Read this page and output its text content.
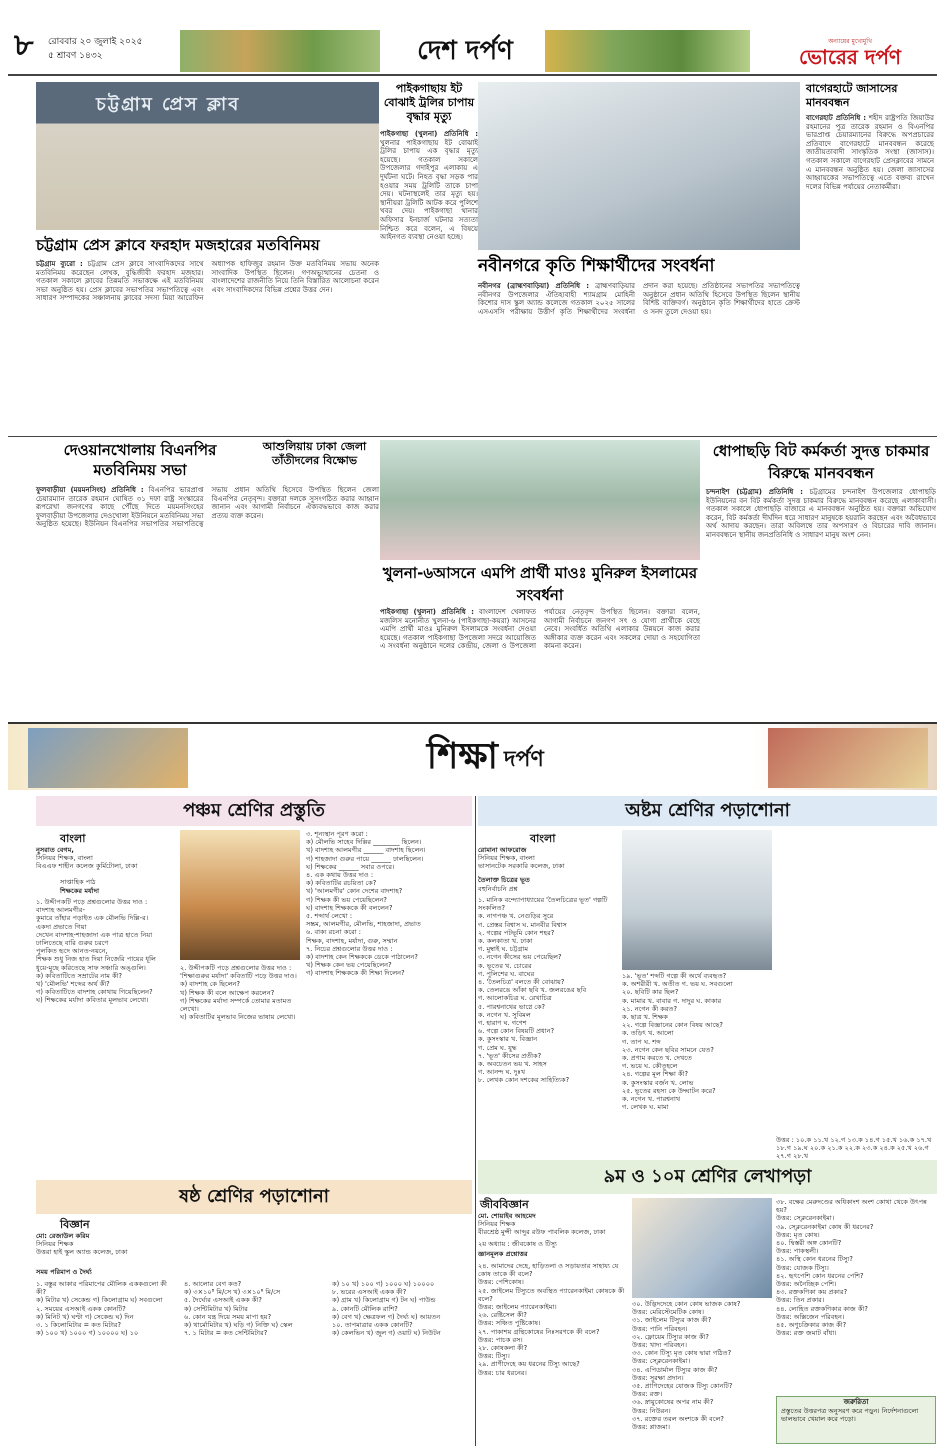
৮	রোববার ২০ জুলাই ২০২৫
৫ শ্রাবণ ১৪৩২	দেশ দর্পণ	অন্যায়ের মুখোমুখি
ভোরের দর্পণ
চট্টগ্রাম প্রেস ক্লাব
চট্টগ্রাম প্রেস ক্লাবে ফরহাদ মজহারের মতবিনিময়
চট্টগ্রাম ব্যুরো : চট্টগ্রাম প্রেস ক্লাবে সাংবাদিকদের সাথে মতবিনিময় করেছেন লেখক, বুদ্ধিজীবী ফরহাদ মজহার। গতকাল সকালে ক্লাবের তিন্নমতি সভাকক্ষে এই মতবিনিময় সভা অনুষ্ঠিত হয়। প্রেস ক্লাবের সভাপতির সভাপতিত্বে এবং সাধারণ সম্পাদকের সঞ্চালনায় ক্লাবের সদস্য মিয়া আরেফিন অধ্যাপক হাফিজুর রহমান উক্ত মতবিনিময় সভায় অনেক সাংবাদিক উপস্থিত ছিলেন। গণঅভ্যুত্থানের চেতনা ও বাংলাদেশের রাজনীতি নিয়ে তিনি বিস্তারিত আলোচনা করেন এবং সাংবাদিকদের বিভিন্ন প্রশ্নের উত্তর দেন।
পাইকগাছায় ইট বোঝাই ট্রলির চাপায় বৃদ্ধার মৃত্যু
পাইকগাছা (খুলনা) প্রতিনিধি : খুলনার পাইকগাছায় ইট বোঝাই ট্রলির চাপায় এক বৃদ্ধার মৃত্যু হয়েছে। গতকাল সকালে উপজেলার গদাইপুর এলাকায় এ দুর্ঘটনা ঘটে। নিহত বৃদ্ধা সড়ক পার হওয়ার সময় ট্রলিটি তাকে চাপা দেয়। ঘটনাস্থলেই তার মৃত্যু হয়। স্থানীয়রা ট্রলিটি আটক করে পুলিশে খবর দেয়। পাইকগাছা থানার অফিসার ইনচার্জ ঘটনার সত্যতা নিশ্চিত করে বলেন, এ বিষয়ে আইনগত ব্যবস্থা নেওয়া হচ্ছে।
নবীনগরে কৃতি শিক্ষার্থীদের সংবর্ধনা
নবীনগর (ব্রাহ্মণবাড়িয়া) প্রতিনিধি : ব্রাহ্মণবাড়িয়ার নবীনগর উপজেলার ঐতিহ্যবাহী শ্যামগ্রাম মোহিনী কিশোর দাস স্কুল অ্যান্ড কলেজে গতকাল ২০২৫ সালের এসএসসি পরীক্ষায় উত্তীর্ণ কৃতি শিক্ষার্থীদের সংবর্ধনা প্রদান করা হয়েছে। প্রতিষ্ঠানের সভাপতির সভাপতিত্বে অনুষ্ঠানে প্রধান অতিথি হিসেবে উপস্থিত ছিলেন স্থানীয় বিশিষ্ট ব্যক্তিবর্গ। অনুষ্ঠানে কৃতি শিক্ষার্থীদের হাতে ক্রেস্ট ও সনদ তুলে দেওয়া হয়।
বাগেরহাটে জাসাসের মানববন্ধন
বাগেরহাট প্রতিনিধি : শহীদ রাষ্ট্রপতি জিয়াউর রহমানের পুত্র তারেক রহমান ও বিএনপির ভারপ্রাপ্ত চেয়ারম্যানের বিরুদ্ধে অপপ্রচারের প্রতিবাদে বাগেরহাটে মানববন্ধন করেছে জাতীয়তাবাদী সাংস্কৃতিক সংস্থা (জাসাস)। গতকাল সকালে বাগেরহাট প্রেসক্লাবের সামনে এ মানববন্ধন অনুষ্ঠিত হয়। জেলা জাসাসের আহ্বায়কের সভাপতিত্বে এতে বক্তব্য রাখেন দলের বিভিন্ন পর্যায়ের নেতাকর্মীরা।
দেওয়ানখোলায় বিএনপির মতবিনিময় সভা
ফুলবাড়ীয়া (ময়মনসিংহ) প্রতিনিধি : বিএনপির ভারপ্রাপ্ত চেয়ারম্যান তারেক রহমান ঘোষিত ৩১ দফা রাষ্ট্র সংস্কারের রূপরেখা জনগণের কাছে পৌঁছে দিতে ময়মনসিংহের ফুলবাড়ীয়া উপজেলার দেওখোলা ইউনিয়নে মতবিনিময় সভা অনুষ্ঠিত হয়েছে। ইউনিয়ন বিএনপির সভাপতির সভাপতিত্বে সভায় প্রধান অতিথি হিসেবে উপস্থিত ছিলেন জেলা বিএনপির নেতৃবৃন্দ। বক্তারা দলকে সুসংগঠিত করার আহ্বান জানান এবং আগামী নির্বাচনে ঐক্যবদ্ধভাবে কাজ করার প্রত্যয় ব্যক্ত করেন।
আশুলিয়ায় ঢাকা জেলা তাঁতীদলের বিক্ষোভ
খুলনা-৬আসনে এমপি প্রার্থী মাওঃ মুনিরুল ইসলামের সংবর্ধনা
পাইকগাছা (খুলনা) প্রতিনিধি : বাংলাদেশ খেলাফত মজলিস মনোনীত খুলনা-৬ (পাইকগাছা-কয়রা) আসনের এমপি প্রার্থী মাওঃ মুনিরুল ইসলামকে সংবর্ধনা দেওয়া হয়েছে। গতকাল পাইকগাছা উপজেলা সদরে আয়োজিত এ সংবর্ধনা অনুষ্ঠানে দলের কেন্দ্রীয়, জেলা ও উপজেলা পর্যায়ের নেতৃবৃন্দ উপস্থিত ছিলেন। বক্তারা বলেন, আগামী নির্বাচনে জনগণ সৎ ও যোগ্য প্রার্থীকে বেছে নেবে। সংবর্ধিত অতিথি এলাকার উন্নয়নে কাজ করার অঙ্গীকার ব্যক্ত করেন এবং সকলের দোয়া ও সহযোগিতা কামনা করেন।
ধোপাছড়ি বিট কর্মকর্তা সুদত্ত চাকমার বিরুদ্ধে মানববন্ধন
চন্দনাইশ (চট্টগ্রাম) প্রতিনিধি : চট্টগ্রামের চন্দনাইশ উপজেলার ধোপাছড়ি ইউনিয়নের বন বিট কর্মকর্তা সুদত্ত চাকমার বিরুদ্ধে মানববন্ধন করেছে এলাকাবাসী। গতকাল সকালে ধোপাছড়ি বাজারে এ মানববন্ধন অনুষ্ঠিত হয়। বক্তারা অভিযোগ করেন, বিট কর্মকর্তা দীর্ঘদিন ধরে সাধারণ মানুষকে হয়রানি করছেন এবং অবৈধভাবে অর্থ আদায় করছেন। তারা অবিলম্বে তার অপসারণ ও বিচারের দাবি জানান। মানববন্ধনে স্থানীয় জনপ্রতিনিধি ও সাধারণ মানুষ অংশ নেন।
শিক্ষা দর্পণ
পঞ্চম শ্রেণির প্রস্তুতি
বাংলা
নুসরাত বেগম,
সিনিয়র শিক্ষক, বাংলা
বিএএফ শাহীন কলেজ কুর্মিটোলা, ঢাকা
সাপ্তাহিক পাঠ
শিক্ষকের মর্যাদা
১. উদ্দীপকটি পড়ে প্রশ্নগুলোর উত্তর দাও :
বাদশাহ আলমগীর-
কুমারে তাঁহার পড়াইত এক মৌলভি দিল্লি-র।
একদা প্রভাতে গিয়া
দেখেন বাদশাহ-শাহজাদা এক পাত্র হাতে নিয়া
ঢালিতেছে বারি গুরুর চরণে
পুলকিত হৃদে আনত-নয়নে,
শিক্ষক শুধু নিজ হাত দিয়া নিজেরি পায়ের ধূলি
ধুয়ে-মুছে করিতেছে সাফ সঞ্চারি অঙ্গুলি।
ক) কবিতাটিতে সম্রাটের নাম কী?
খ) 'মৌলভি' শব্দের অর্থ কী?
গ) কবিতাটিতে বাদশাহ কোথায় গিয়েছিলেন?
ঘ) শিক্ষকের মর্যাদা কবিতার মূলভাব লেখো।
২. উদ্দীপকটি পড়ে প্রশ্নগুলোর উত্তর দাও :
'শিক্ষাগুরুর মর্যাদা' কবিতাটি পড়ে উত্তর দাও।
ক) বাদশাহ কে ছিলেন?
খ) শিক্ষক কী বলে আক্ষেপ করলেন?
গ) শিক্ষকের মর্যাদা সম্পর্কে তোমার মতামত লেখো।
ঘ) কবিতাটির মূলভাব নিজের ভাষায় লেখো।
৩. শূন্যস্থান পূরণ করো :
ক) মৌলভি সাহেব দিল্লির ________ ছিলেন।
খ) বাদশাহ আলমগীর ______ বাদশাহ ছিলেন।
গ) শাহজাদা গুরুর পায়ে ______ ঢালছিলেন।
ঘ) শিক্ষকের ______ সবার ওপরে।
৪. এক কথায় উত্তর দাও :
ক) কবিতাটির রচয়িতা কে?
খ) 'আলমগীর' কোন দেশের বাদশাহ?
গ) শিক্ষক কী ভয় পেয়েছিলেন?
ঘ) বাদশাহ শিক্ষককে কী বললেন?
৫. শব্দার্থ লেখো :
সম্ভ্রম, আলমগীর, মৌলভি, শাহজাদা, প্রভাত
৬. বাক্য রচনা করো :
শিক্ষক, বাদশাহ, মর্যাদা, গুরু, সম্মান
৭. নিচের প্রশ্নগুলোর উত্তর দাও :
ক) বাদশাহ কেন শিক্ষককে ডেকে পাঠালেন?
খ) শিক্ষক কেন ভয় পেয়েছিলেন?
গ) বাদশাহ শিক্ষককে কী শিক্ষা দিলেন?
ষষ্ঠ শ্রেণির পড়াশোনা
বিজ্ঞান
মো: রেজাউল করিম
সিনিয়র শিক্ষক
উত্তরা হাই স্কুল অ্যান্ড কলেজ, ঢাকা
সময় পরিমাপ ও দৈর্ঘ্য
১. বস্তুর আকার পরিমাপের মৌলিক এককগুলো কী কী?
ক) মিটার খ) সেকেন্ড গ) কিলোগ্রাম ঘ) সবগুলো
২. সময়ের এসআই একক কোনটি?
ক) মিনিট খ) ঘণ্টা গ) সেকেন্ড ঘ) দিন
৩. ১ কিলোমিটার = কত মিটার?
ক) ১০০ খ) ১০০০ গ) ১০০০০ ঘ) ১০
৪. আলোর বেগ কত?
ক) ৩×১০⁸ মি/সে খ) ৩×১০⁶ মি/সে
৫. দৈর্ঘ্যের এসআই একক কী?
ক) সেন্টিমিটার খ) মিটার
৬. কোন যন্ত্র দিয়ে সময় মাপা হয়?
ক) থার্মোমিটার খ) ঘড়ি গ) নিক্তি ঘ) স্কেল
৭. ১ মিটার = কত সেন্টিমিটার?
ক) ১০ খ) ১০০ গ) ১০০০ ঘ) ১০০০০
৮. ভরের এসআই একক কী?
ক) গ্রাম খ) কিলোগ্রাম গ) টন ঘ) পাউন্ড
৯. কোনটি মৌলিক রাশি?
ক) বেগ খ) ক্ষেত্রফল গ) দৈর্ঘ্য ঘ) আয়তন
১০. তাপমাত্রার একক কোনটি?
ক) কেলভিন খ) জুল গ) ওয়াট ঘ) নিউটন
অষ্টম শ্রেণির পড়াশোনা
বাংলা
রোমানা আফরোজ
সিনিয়র শিক্ষক, বাংলা
ভাসানটেক সরকারি কলেজ, ঢাকা
তৈলাক্ত চিত্রের ভূত
বহুনির্বাচনি প্রশ্ন
১. মানিক বন্দ্যোপাধ্যায়ের 'তৈলচিত্রের ভূত' গল্পটি সংকলিত?
ক. নাগপঞ্চ খ. নেগুড়ির সুরে
গ. প্রেস্তর বিশ্বাস ঘ. মানবীর বিশ্বাস
২. গল্পের পটভূমি কোন শহর?
ক. কলকাতা খ. ঢাকা
গ. মুম্বাই ঘ. চট্টগ্রাম
৩. নগেন কীসের ভয় পেয়েছিল?
ক. ভূতের খ. চোরের
গ. পুলিশের ঘ. বাঘের
৪. 'তৈলচিত্র' বলতে কী বোঝায়?
ক. তেলরঙে আঁকা ছবি খ. জলরঙের ছবি
গ. আলোকচিত্র ঘ. রেখাচিত্র
৫. পারশ্বনাথের ভাগ্নে কে?
ক. নগেন খ. সুবিমল
গ. হারাণ ঘ. গণেশ
৬. গল্পে কোন বিষয়টি প্রধান?
ক. কুসংস্কার খ. বিজ্ঞান
গ. প্রেম ঘ. যুদ্ধ
৭. 'ভূত' কীসের প্রতীক?
ক. অবচেতন ভয় খ. সাহস
গ. আনন্দ ঘ. দুঃখ
৮. লেখক কোন দশকের সাহিত্যিক?
১৯. 'ভূত' শব্দটি গল্পে কী অর্থে ব্যবহৃত?
ক. অশরীরী খ. অতীত গ. ভয় ঘ. সবগুলো
২০. ছবিটি কার ছিল?
ক. মামার খ. বাবার গ. দাদুর ঘ. কাকার
২১. নগেন কী করত?
ক. ছাত্র খ. শিক্ষক
২২. গল্পে বিজ্ঞানের কোন বিষয় আছে?
ক. তড়িৎ খ. আলো
গ. তাপ ঘ. শব্দ
২৩. নগেন কেন ছবির সামনে যেত?
ক. প্রণাম করতে খ. দেখতে
গ. ভয়ে ঘ. কৌতূহলে
২৪. গল্পের মূল শিক্ষা কী?
ক. কুসংস্কার বর্জন খ. লোভ
২৫. ভূতের রহস্য কে উদ্ঘাটন করে?
ক. নগেন খ. পারশ্বনাথ
গ. লেখক ঘ. মামা
উত্তর : ১০.ক ১১.খ ১২.গ ১৩.ক ১৪.গ ১৫.খ ১৬.ক ১৭.খ ১৮.গ ১৯.ঘ ২০.ক ২১.ক ২২.ক ২৩.ক ২৪.ক ২৫.খ ২৬.গ ২৭.গ ২৮.খ
৯ম ও ১০ম শ্রেণির লেখাপড়া
জীববিজ্ঞান
মো. শোয়াইব আহমেদ
সিনিয়র শিক্ষক
বীরশ্রেষ্ঠ মুন্সী আব্দুর রউফ পাবলিক কলেজ, ঢাকা
২য় অধ্যায় : জীবকোষ ও টিস্যু
জ্ঞানমূলক প্রশ্নোত্তর
২৪. আমাদের দেহে, হাড়িতলা ও সড়ায়তার সাহায্য যে কোষ তাকে কী বলে?
উত্তর: পেশিকোষ।
২৫. জাইলেম টিস্যুতে অবস্থিত প্যারেনকাইমা কোষকে কী বলে?
উত্তর: জাইলেম প্যারেনকাইমা।
২৬. রেষ্টিসেল কী?
উত্তর: সঞ্চিত পুষ্টিকোষ।
২৭. পাকাশয় গ্রন্থিকোষের নিঃসরণকে কী বলে?
উত্তর: পাচক রস।
২৮. কোষকলা কী?
উত্তর: টিস্যু।
২৯. প্রাণীদেহে কয় ধরনের টিস্যু আছে?
উত্তর: চার ধরনের।
৩০. উদ্ভিদদেহে কোন কোষ ভাজক কোষ?
উত্তর: মেরিস্টেমেটিক কোষ।
৩১. জাইলেম টিস্যুর কাজ কী?
উত্তর: পানি পরিবহন।
৩২. ফ্লোয়েম টিস্যুর কাজ কী?
উত্তর: খাদ্য পরিবহন।
৩৩. কোন টিস্যু মৃত কোষ দ্বারা গঠিত?
উত্তর: স্ক্লেরেনকাইমা।
৩৪. এপিডার্মাল টিস্যুর কাজ কী?
উত্তর: সুরক্ষা প্রদান।
৩৫. প্রাণিদেহের যোজক টিস্যু কোনটি?
উত্তর: রক্ত।
৩৬. স্নায়ুকোষের অপর নাম কী?
উত্তর: নিউরন।
৩৭. রক্তের তরল অংশকে কী বলে?
উত্তর: প্লাজমা।
৩৮. বক্ষের মেরুদণ্ডের অধিকাংশ অংশ কোথা থেকে উৎপন্ন হয়?
উত্তর: স্ক্লেরেনকাইমা।
৩৯. স্ক্লেরেনকাইমা কোষ কী ধরনের?
উত্তর: মৃত কোষ।
৪০. দ্বিস্তরী অঙ্গ কোনটি?
উত্তর: পাকস্থলী।
৪১. অস্থি কোন ধরনের টিস্যু?
উত্তর: যোজক টিস্যু।
৪২. হৃৎপেশি কোন ধরনের পেশি?
উত্তর: অনৈচ্ছিক পেশি।
৪৩. রক্তকণিকা কয় প্রকার?
উত্তর: তিন প্রকার।
৪৪. লোহিত রক্তকণিকার কাজ কী?
উত্তর: অক্সিজেন পরিবহন।
৪৫. অণুচক্রিকার কাজ কী?
উত্তর: রক্ত জমাট বাঁধা।
জরুরিতা
প্রস্তুতের উত্তরপত্র অনুসরণ করে পড়ুন। নির্দেশনাগুলো ভালভাবে খেয়াল করে পড়ো।
